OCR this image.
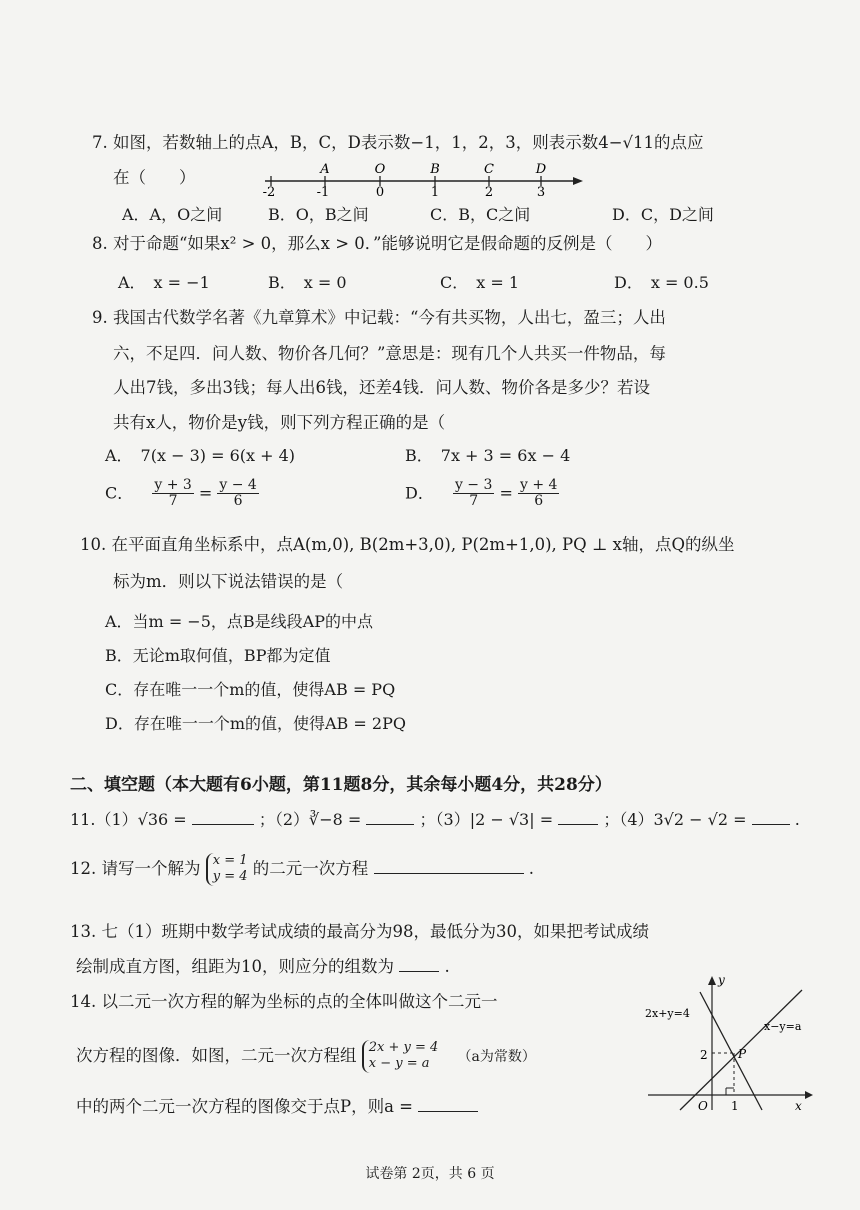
7. 如图，若数轴上的点A，B，C，D表示数−1，1，2，3，则表示数4−√11的点应
在（　　）	A	O	B	C	D
-2	-1	0	1	2	3
A．A，O之间	B．O，B之间	C．B，C之间	D．C，D之间
8. 对于命题“如果x² > 0，那么x > 0．”能够说明它是假命题的反例是（　　）
A．　x = −1	B．　x = 0	C．　x = 1	D．　x = 0.5
9. 我国古代数学名著《九章算术》中记载：“今有共买物，人出七，盈三；人出
六，不足四．问人数、物价各几何？”意思是：现有几个人共买一件物品，每
人出7钱，多出3钱；每人出6钱，还差4钱．问人数、物价各是多少？若设
共有x人，物价是y钱，则下列方程正确的是（
A．　7(x − 3) = 6(x + 4)	B．　7x + 3 = 6x − 4
C． $\frac{y + 3}{7} = \frac{y - 4}{6}$	D． $\frac{y - 3}{7} = \frac{y + 4}{6}$
10. 在平面直角坐标系中，点A(m,0), B(2m+3,0), P(2m+1,0), PQ ⊥ x轴，点Q的纵坐
标为m．则以下说法错误的是（
A．当m = −5，点B是线段AP的中点
B．无论m取何值，BP都为定值
C．存在唯一一个m的值，使得AB = PQ
D．存在唯一一个m的值，使得AB = 2PQ
二、填空题（本大题有6小题，第11题8分，其余每小题4分，共28分）
11.（1）√36 =	；（2）∛−8 =	；（3）|2 − √3| =	；（4）3√2 − √2 =	.
12. 请写一个解为 x = 1
y = 4 的二元一次方程	.
13. 七（1）班期中数学考试成绩的最高分为98，最低分为30，如果把考试成绩
绘制成直方图，组距为10，则应分的组数为	.
14. 以二元一次方程的解为坐标的点的全体叫做这个二元一
次方程的图像．如图，二元一次方程组 2x + y = 4
x − y = a （a为常数）
中的两个二元一次方程的图像交于点P，则a =
y
x
O
2
1
P
2x+y=4
x−y=a
试卷第 2页，共 6 页
